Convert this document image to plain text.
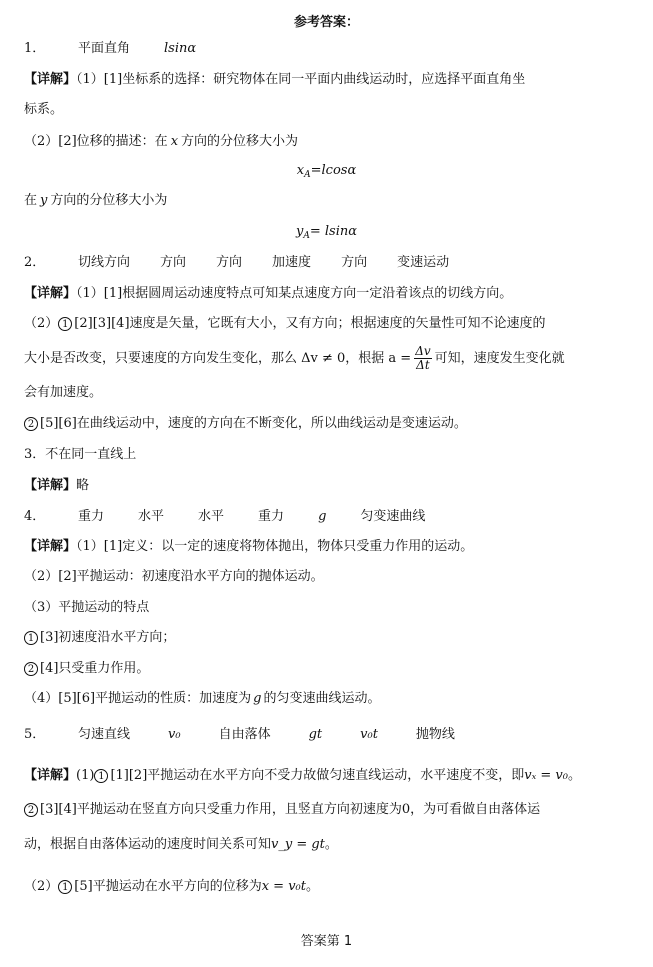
参考答案：
1．	平面直角	lsinα
【详解】（1）[1]坐标系的选择：研究物体在同一平面内曲线运动时，应选择平面直角坐
标系。
（2）[2]位移的描述：在 x 方向的分位移大小为
$x_A=lcos\alpha$
在 y 方向的分位移大小为
$y_A= lsin\alpha$
2．	切线方向 方向 方向 加速度 方向 变速运动
【详解】（1）[1]根据圆周运动速度特点可知某点速度方向一定沿着该点的切线方向。
（2） 1 [2][3][4]速度是矢量，它既有大小，又有方向；根据速度的矢量性可知不论速度的
大小是否改变，只要速度的方向发生变化，那么 Δv ≠ 0，根据 $a = \frac{\Delta v}{\Delta t}$ 可知，速度发生变化就
会有加速度。
2 [5][6]在曲线运动中，速度的方向在不断变化，所以曲线运动是变速运动。
3．不在同一直线上
【详解】略
4．	重力	水平	水平	重力	g	匀变速曲线
【详解】（1）[1]定义：以一定的速度将物体抛出，物体只受重力作用的运动。
（2）[2]平抛运动：初速度沿水平方向的抛体运动。
（3）平抛运动的特点
1 [3]初速度沿水平方向；
2 [4]只受重力作用。
（4）[5][6]平抛运动的性质：加速度为 g 的匀变速曲线运动。
5．	匀速直线	v₀	自由落体	gt	v₀t	抛物线
【详解】(1) 1 [1][2]平抛运动在水平方向不受力故做匀速直线运动，水平速度不变，即vₓ = v₀。
2 [3][4]平抛运动在竖直方向只受重力作用，且竖直方向初速度为0，为可看做自由落体运
动，根据自由落体运动的速度时间关系可知v_y = gt。
（2） 1 [5]平抛运动在水平方向的位移为x = v₀t。
答案第 1
